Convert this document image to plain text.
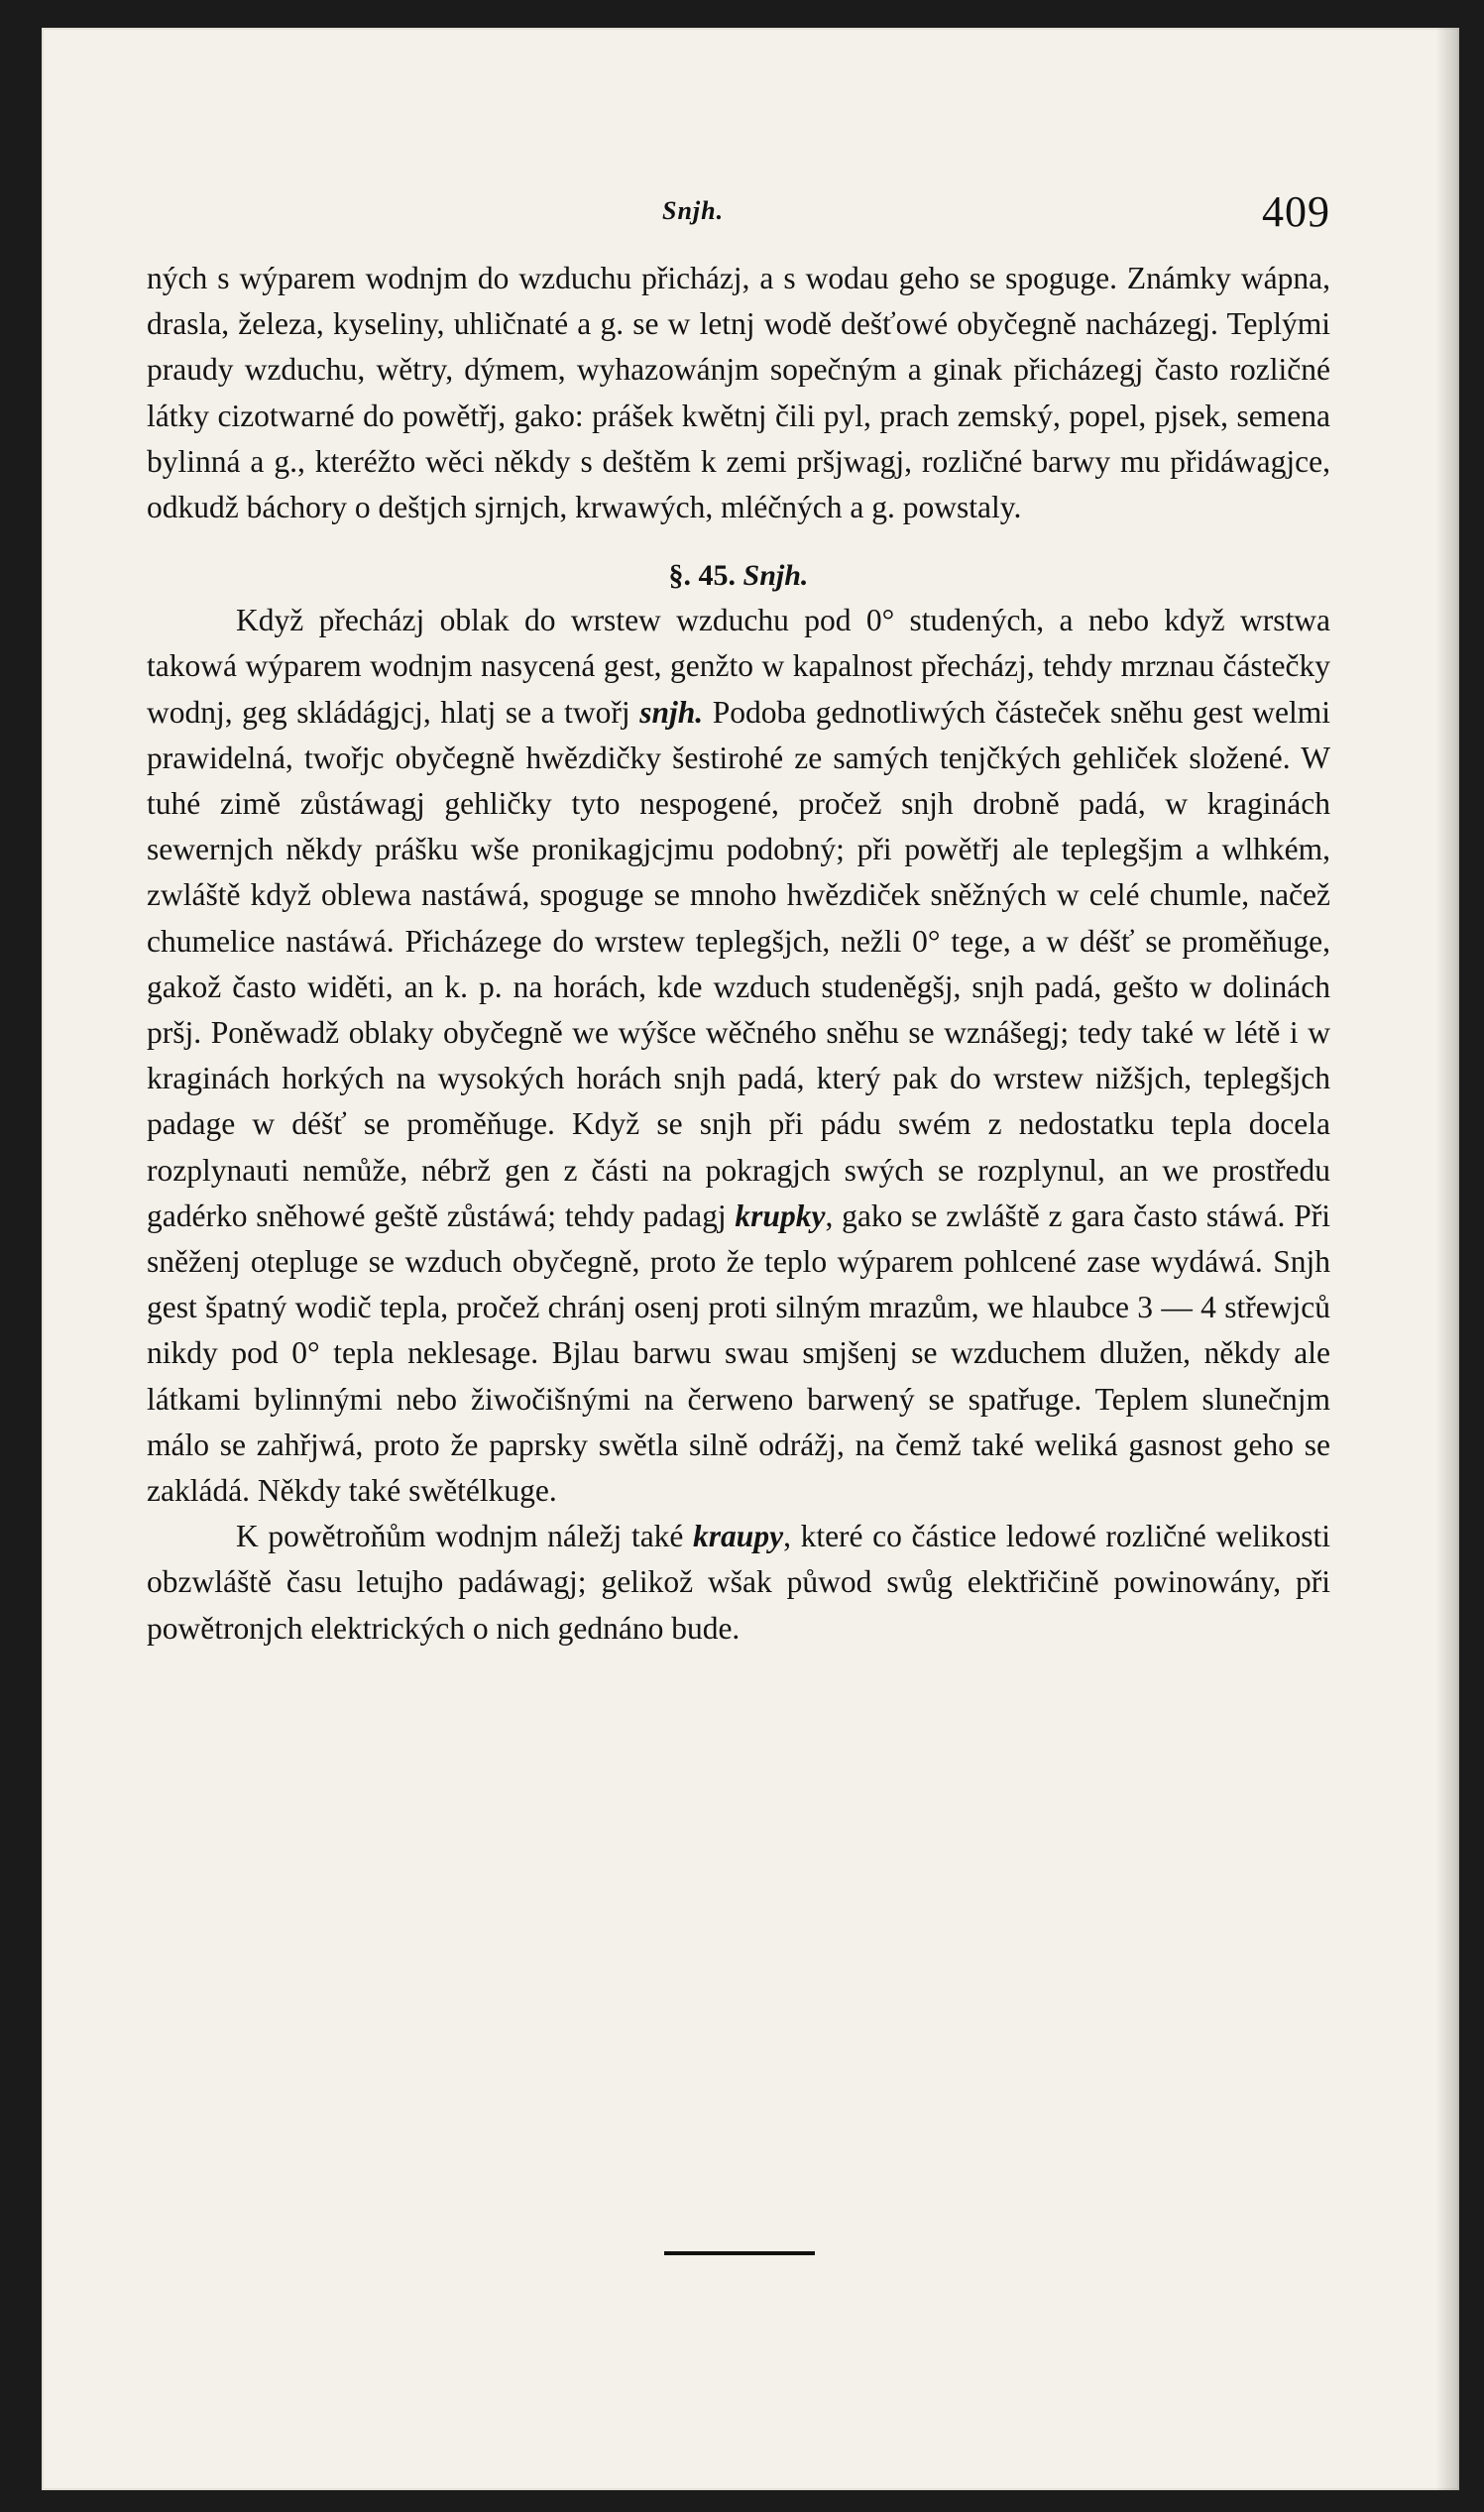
Snjh.	409

ných s wýparem wodnjm do wzduchu přicházj, a s wodau geho se spoguge. Známky wápna, drasla, železa, kyseliny, uhličnaté a g. se w letnj wodě dešťowé obyčegně nacházegj. Teplými praudy wzduchu, wětry, dýmem, wyhazowánjm sopečným a ginak přicházegj často rozličné látky cizotwarné do powětřj, gako: prášek kwětnj čili pyl, prach zemský, popel, pjsek, semena bylinná a g., kteréžto wěci někdy s deštěm k zemi pršjwagj, rozličné barwy mu přidáwagjce, odkudž báchory o deštjch sjrnjch, krwawých, mléčných a g. powstaly.

§. 45. Snjh.

Když přecházj oblak do wrstew wzduchu pod 0° studených, a nebo když wrstwa takowá wýparem wodnjm nasycená gest, genžto w kapalnost přecházj, tehdy mrznau částečky wodnj, geg skládágjcj, hlatj se a twořj snjh. Podoba gednotliwých částeček sněhu gest welmi prawidelná, twořjc obyčegně hwězdičky šestirohé ze samých tenjčkých gehliček složené. W tuhé zimě zůstáwagj gehličky tyto nespogené, pročež snjh drobně padá, w kraginách sewernjch někdy prášku wše pronikagjcjmu podobný; při powětřj ale teplegšjm a wlhkém, zwláště když oblewa nastáwá, spoguge se mnoho hwězdiček sněžných w celé chumle, načež chumelice nastáwá. Přicházege do wrstew teplegšjch, nežli 0° tege, a w déšť se proměňuge, gakož často widěti, an k. p. na horách, kde wzduch studeněgšj, snjh padá, gešto w dolinách pršj. Poněwadž oblaky obyčegně we wýšce wěčného sněhu se wznášegj; tedy také w létě i w kraginách horkých na wysokých horách snjh padá, který pak do wrstew nižšjch, teplegšjch padage w déšť se proměňuge. Když se snjh při pádu swém z nedostatku tepla docela rozplynauti nemůže, nébrž gen z části na pokragjch swých se rozplynul, an we prostředu gadérko sněhowé geště zůstáwá; tehdy padagj krupky, gako se zwláště z gara často stáwá. Při sněženj otepluge se wzduch obyčegně, proto že teplo wýparem pohlcené zase wydáwá. Snjh gest špatný wodič tepla, pročež chránj osenj proti silným mrazům, we hlaubce 3 — 4 střewjců nikdy pod 0° tepla neklesage. Bjlau barwu swau smjšenj se wzduchem dlužen, někdy ale látkami bylinnými nebo žiwočišnými na čerweno barwený se spatřuge. Teplem slunečnjm málo se zahřjwá, proto že paprsky swětla silně odrážj, na čemž také weliká gasnost geho se zakládá. Někdy také swětélkuge.

K powětroňům wodnjm náležj také kraupy, které co částice ledowé rozličné welikosti obzwláště času letujho padáwagj; gelikož wšak půwod swůg elektřičině powinowány, při powětronjch elektrických o nich gednáno bude.
